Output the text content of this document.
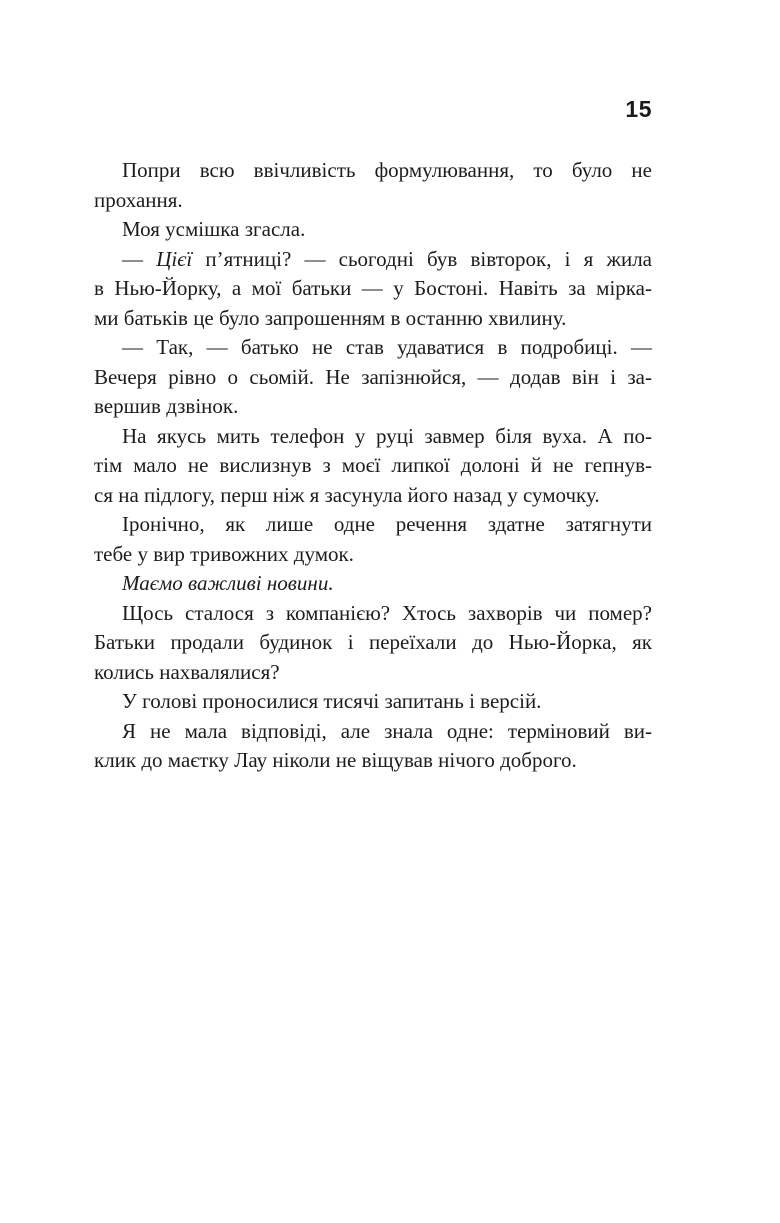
15

Попри всю ввічливість формулювання, то було не
прохання.

Моя усмішка згасла.

— Цієї п’ятниці? — сьогодні був вівторок, і я жила
в Нью-Йорку, а мої батьки — у Бостоні. Навіть за мірка-
ми батьків це було запрошенням в останню хвилину.

— Так, — батько не став удаватися в подробиці. —
Вечеря рівно о сьомій. Не запізнюйся, — додав він і за-
вершив дзвінок.

На якусь мить телефон у руці завмер біля вуха. А по-
тім мало не вислизнув з моєї липкої долоні й не гепнув-
ся на підлогу, перш ніж я засунула його назад у сумочку.

Іронічно, як лише одне речення здатне затягнути
тебе у вир тривожних думок.

Маємо важливі новини.

Щось сталося з компанією? Хтось захворів чи помер?
Батьки продали будинок і переїхали до Нью-Йорка, як
колись нахвалялися?

У голові проносилися тисячі запитань і версій.

Я не мала відповіді, але знала одне: терміновий ви-
клик до маєтку Лау ніколи не віщував нічого доброго.
